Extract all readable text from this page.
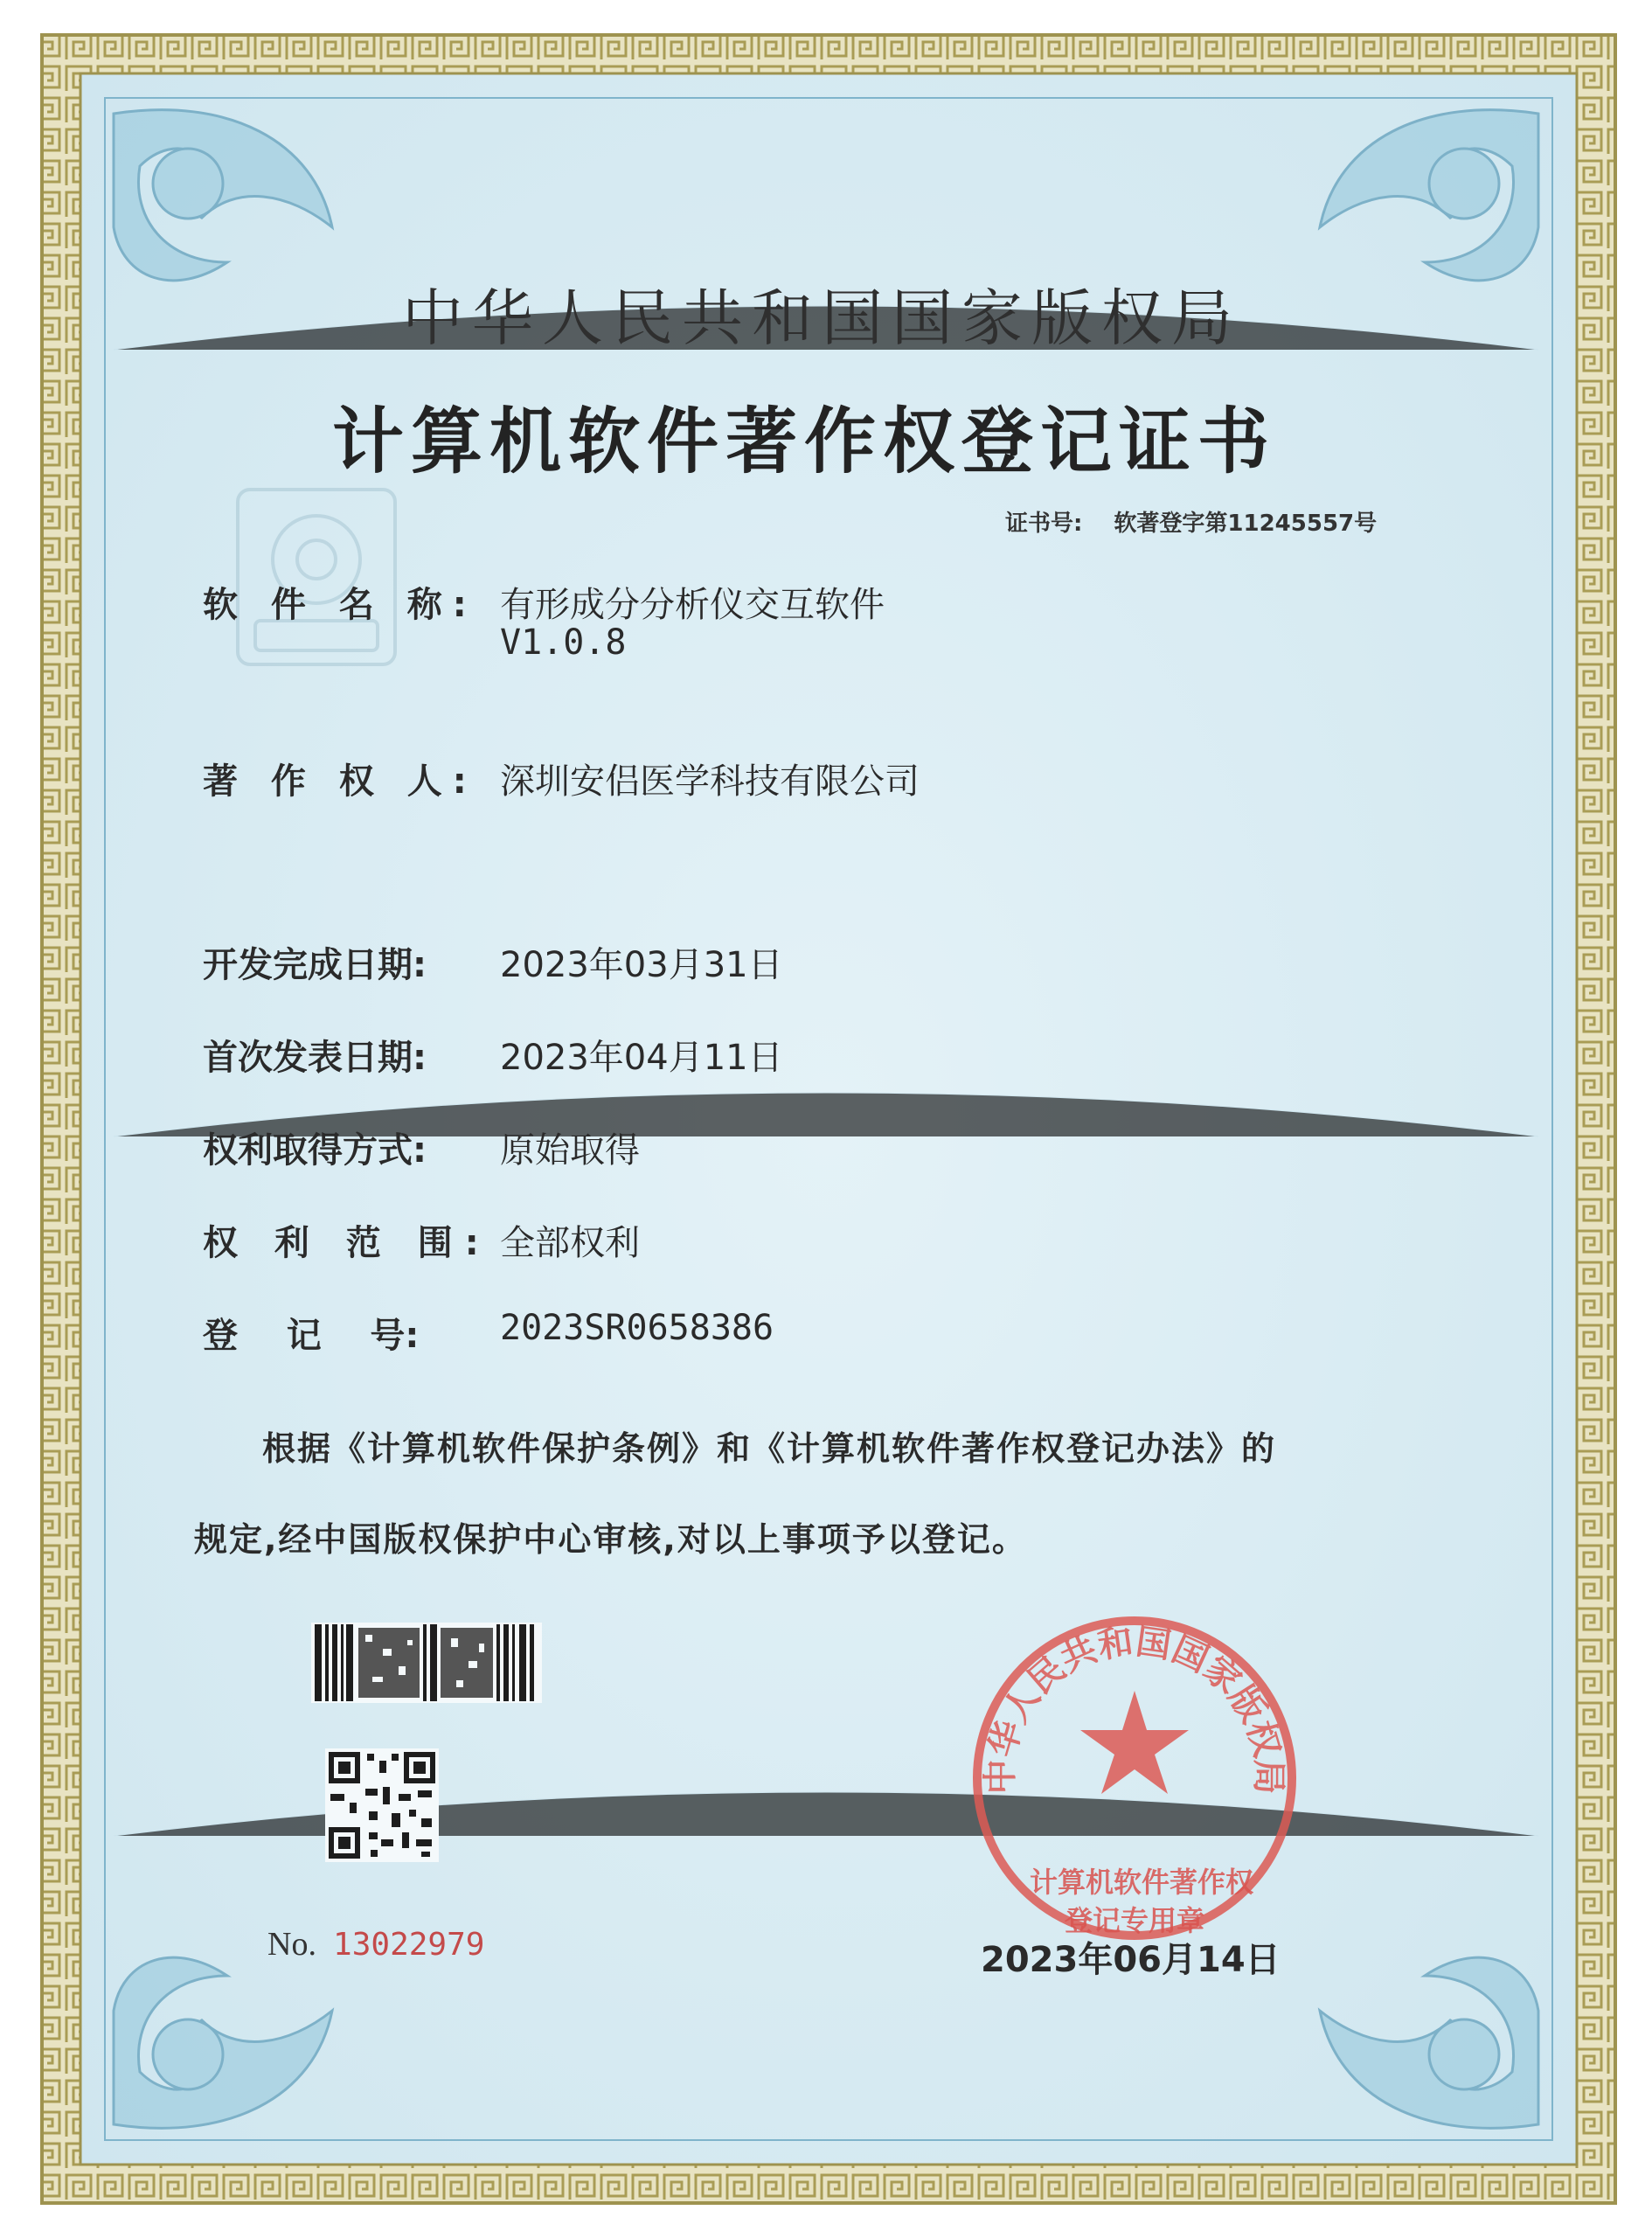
中华人民共和国国家版权局
计算机软件著作权登记证书
证书号: 软著登字第11245557号
软 件 名 称: 有形成分分析仪交互软件
V1.0.8
著 作 权 人: 深圳安侣医学科技有限公司
开发完成日期: 2023年03月31日
首次发表日期: 2023年04月11日
权利取得方式: 原始取得
权 利 范 围: 全部权利
登    记    号: 2023SR0658386
根据《计算机软件保护条例》和《计算机软件著作权登记办法》的
规定,经中国版权保护中心审核,对以上事项予以登记。
No. 13022979
中华人民共和国国家版权局
计算机软件著作权
登记专用章
2023年06月14日
